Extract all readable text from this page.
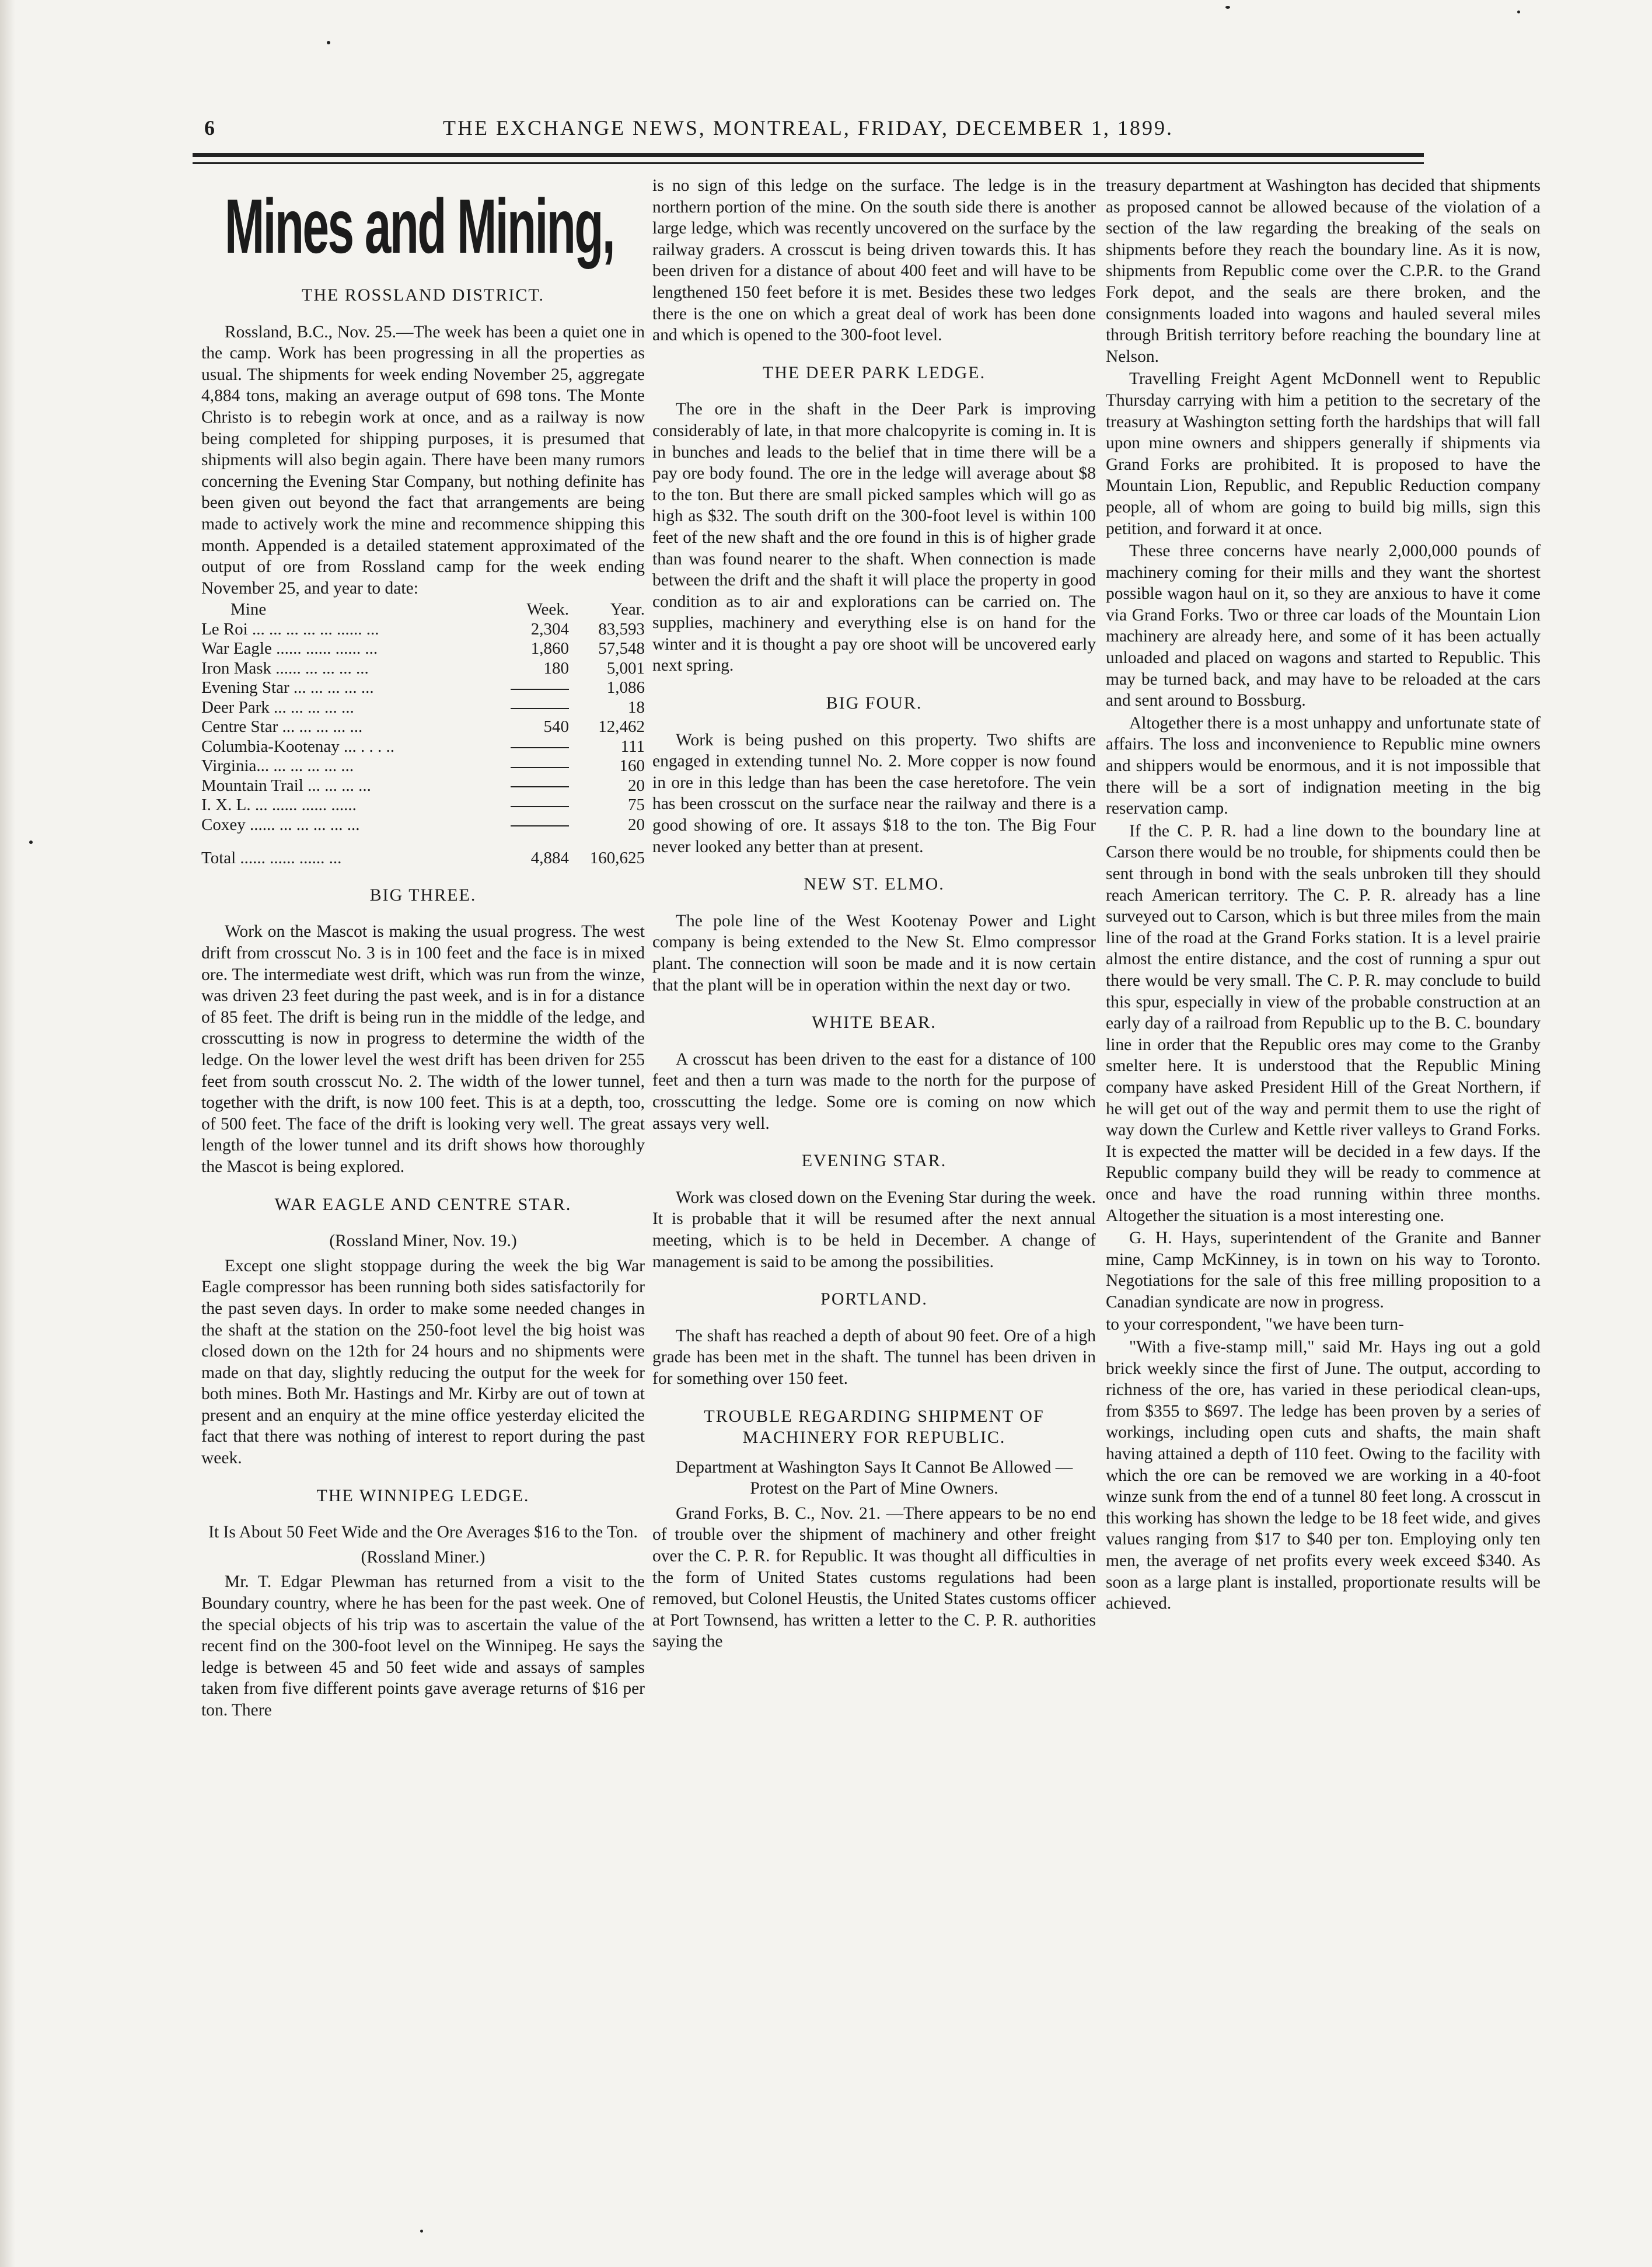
6	THE EXCHANGE NEWS, MONTREAL, FRIDAY, DECEMBER 1, 1899.
Mines and Mining,

THE ROSSLAND DISTRICT.

Rossland, B.C., Nov. 25.—The week has been a quiet one in the camp. Work has been progressing in all the properties as usual. The shipments for week ending November 25, aggregate 4,884 tons, making an average output of 698 tons. The Monte Christo is to rebegin work at once, and as a railway is now being completed for shipping purposes, it is presumed that shipments will also begin again. There have been many rumors concerning the Evening Star Company, but nothing definite has been given out beyond the fact that arrangements are being made to actively work the mine and recommence shipping this month. Appended is a detailed statement approximated of the output of ore from Rossland camp for the week ending November 25, and year to date:

Mine	Week.	Year.
Le Roi ... ... ... ... ... ...... ...	2,304	83,593
War Eagle ...... ...... ...... ...	1,860	57,548
Iron Mask ...... ... ... ... ...	180	5,001
Evening Star ... ... ... ... ...		1,086
Deer Park ... ... ... ... ...		18
Centre Star ... ... ... ... ...	540	12,462
Columbia-Kootenay ... . . . ..		111
Virginia... ... ... ... ... ...		160
Mountain Trail ... ... ... ...		20
I. X. L. ... ...... ...... ......		75
Coxey ...... ... ... ... ... ...		20
Total ...... ...... ...... ...	4,884	160,625

BIG THREE.

Work on the Mascot is making the usual progress. The west drift from crosscut No. 3 is in 100 feet and the face is in mixed ore. The intermediate west drift, which was run from the winze, was driven 23 feet during the past week, and is in for a distance of 85 feet. The drift is being run in the middle of the ledge, and crosscutting is now in progress to determine the width of the ledge. On the lower level the west drift has been driven for 255 feet from south crosscut No. 2. The width of the lower tunnel, together with the drift, is now 100 feet. This is at a depth, too, of 500 feet. The face of the drift is looking very well. The great length of the lower tunnel and its drift shows how thoroughly the Mascot is being explored.

WAR EAGLE AND CENTRE STAR.

(Rossland Miner, Nov. 19.)

Except one slight stoppage during the week the big War Eagle compressor has been running both sides satisfactorily for the past seven days. In order to make some needed changes in the shaft at the station on the 250-foot level the big hoist was closed down on the 12th for 24 hours and no shipments were made on that day, slightly reducing the output for the week for both mines. Both Mr. Hastings and Mr. Kirby are out of town at present and an enquiry at the mine office yesterday elicited the fact that there was nothing of interest to report during the past week.

THE WINNIPEG LEDGE.

It Is About 50 Feet Wide and the Ore Averages $16 to the Ton.

(Rossland Miner.)

Mr. T. Edgar Plewman has returned from a visit to the Boundary country, where he has been for the past week. One of the special objects of his trip was to ascertain the value of the recent find on the 300-foot level on the Winnipeg. He says the ledge is between 45 and 50 feet wide and assays of samples taken from five different points gave average returns of $16 per ton. There

is no sign of this ledge on the surface. The ledge is in the northern portion of the mine. On the south side there is another large ledge, which was recently uncovered on the surface by the railway graders. A crosscut is being driven towards this. It has been driven for a distance of about 400 feet and will have to be lengthened 150 feet before it is met. Besides these two ledges there is the one on which a great deal of work has been done and which is opened to the 300-foot level.

THE DEER PARK LEDGE.

The ore in the shaft in the Deer Park is improving considerably of late, in that more chalcopyrite is coming in. It is in bunches and leads to the belief that in time there will be a pay ore body found. The ore in the ledge will average about $8 to the ton. But there are small picked samples which will go as high as $32. The south drift on the 300-foot level is within 100 feet of the new shaft and the ore found in this is of higher grade than was found nearer to the shaft. When connection is made between the drift and the shaft it will place the property in good condition as to air and explorations can be carried on. The supplies, machinery and everything else is on hand for the winter and it is thought a pay ore shoot will be uncovered early next spring.

BIG FOUR.

Work is being pushed on this property. Two shifts are engaged in extending tunnel No. 2. More copper is now found in ore in this ledge than has been the case heretofore. The vein has been crosscut on the surface near the railway and there is a good showing of ore. It assays $18 to the ton. The Big Four never looked any better than at present.

NEW ST. ELMO.

The pole line of the West Kootenay Power and Light company is being extended to the New St. Elmo compressor plant. The connection will soon be made and it is now certain that the plant will be in operation within the next day or two.

WHITE BEAR.

A crosscut has been driven to the east for a distance of 100 feet and then a turn was made to the north for the purpose of crosscutting the ledge. Some ore is coming on now which assays very well.

EVENING STAR.

Work was closed down on the Evening Star during the week. It is probable that it will be resumed after the next annual meeting, which is to be held in December. A change of management is said to be among the possibilities.

PORTLAND.

The shaft has reached a depth of about 90 feet. Ore of a high grade has been met in the shaft. The tunnel has been driven in for something over 150 feet.

TROUBLE REGARDING SHIPMENT OF MACHINERY FOR REPUBLIC.

Department at Washington Says It Cannot Be Allowed — Protest on the Part of Mine Owners.

Grand Forks, B. C., Nov. 21. —There appears to be no end of trouble over the shipment of machinery and other freight over the C. P. R. for Republic. It was thought all difficulties in the form of United States customs regulations had been removed, but Colonel Heustis, the United States customs officer at Port Townsend, has written a letter to the C. P. R. authorities saying the

treasury department at Washington has decided that shipments as proposed cannot be allowed because of the violation of a section of the law regarding the breaking of the seals on shipments before they reach the boundary line. As it is now, shipments from Republic come over the C.P.R. to the Grand Fork depot, and the seals are there broken, and the consignments loaded into wagons and hauled several miles through British territory before reaching the boundary line at Nelson.

Travelling Freight Agent McDonnell went to Republic Thursday carrying with him a petition to the secretary of the treasury at Washington setting forth the hardships that will fall upon mine owners and shippers generally if shipments via Grand Forks are prohibited. It is proposed to have the Mountain Lion, Republic, and Republic Reduction company people, all of whom are going to build big mills, sign this petition, and forward it at once.

These three concerns have nearly 2,000,000 pounds of machinery coming for their mills and they want the shortest possible wagon haul on it, so they are anxious to have it come via Grand Forks. Two or three car loads of the Mountain Lion machinery are already here, and some of it has been actually unloaded and placed on wagons and started to Republic. This may be turned back, and may have to be reloaded at the cars and sent around to Bossburg.

Altogether there is a most unhappy and unfortunate state of affairs. The loss and inconvenience to Republic mine owners and shippers would be enormous, and it is not impossible that there will be a sort of indignation meeting in the big reservation camp.

If the C. P. R. had a line down to the boundary line at Carson there would be no trouble, for shipments could then be sent through in bond with the seals unbroken till they should reach American territory. The C. P. R. already has a line surveyed out to Carson, which is but three miles from the main line of the road at the Grand Forks station. It is a level prairie almost the entire distance, and the cost of running a spur out there would be very small. The C. P. R. may conclude to build this spur, especially in view of the probable construction at an early day of a railroad from Republic up to the B. C. boundary line in order that the Republic ores may come to the Granby smelter here. It is understood that the Republic Mining company have asked President Hill of the Great Northern, if he will get out of the way and permit them to use the right of way down the Curlew and Kettle river valleys to Grand Forks. It is expected the matter will be decided in a few days. If the Republic company build they will be ready to commence at once and have the road running within three months. Altogether the situation is a most interesting one.

G. H. Hays, superintendent of the Granite and Banner mine, Camp McKinney, is in town on his way to Toronto. Negotiations for the sale of this free milling proposition to a Canadian syndicate are now in progress.

to your correspondent, "we have been turn-

"With a five-stamp mill," said Mr. Hays ing out a gold brick weekly since the first of June. The output, according to richness of the ore, has varied in these periodical clean-ups, from $355 to $697. The ledge has been proven by a series of workings, including open cuts and shafts, the main shaft having attained a depth of 110 feet. Owing to the facility with which the ore can be removed we are working in a 40-foot winze sunk from the end of a tunnel 80 feet long. A crosscut in this working has shown the ledge to be 18 feet wide, and gives values ranging from $17 to $40 per ton. Employing only ten men, the average of net profits every week exceed $340. As soon as a large plant is installed, proportionate results will be achieved.
